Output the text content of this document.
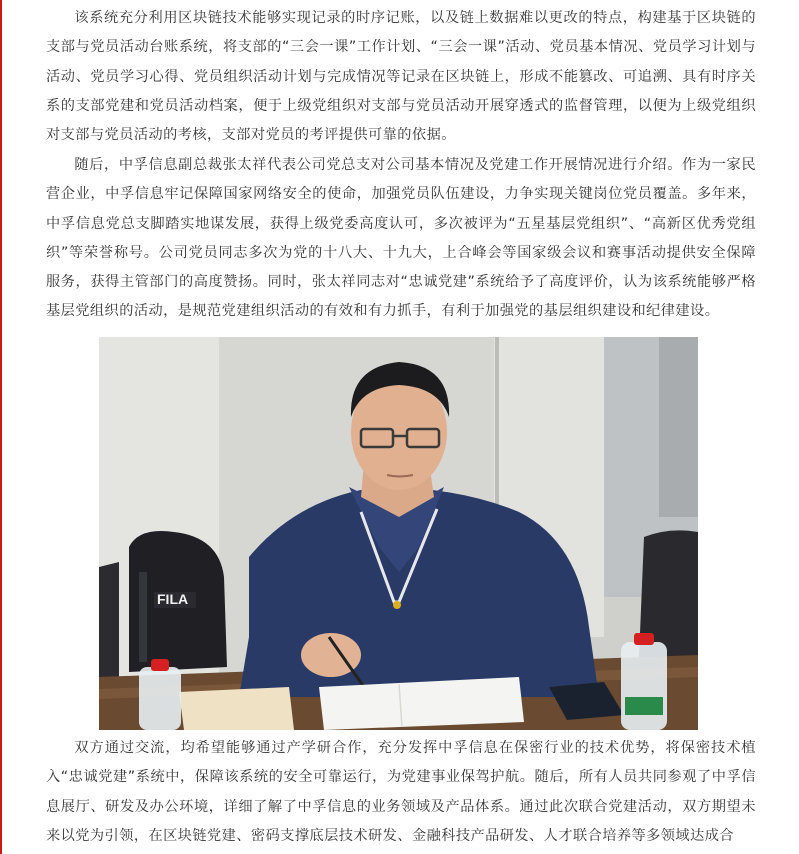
该系统充分利用区块链技术能够实现记录的时序记账，以及链上数据难以更改的特点，构建基于区块链的支部与党员活动台账系统，将支部的“三会一课”工作计划、“三会一课”活动、党员基本情况、党员学习计划与活动、党员学习心得、党员组织活动计划与完成情况等记录在区块链上，形成不能篡改、可追溯、具有时序关系的支部党建和党员活动档案，便于上级党组织对支部与党员活动开展穿透式的监督管理，以便为上级党组织对支部与党员活动的考核，支部对党员的考评提供可靠的依据。

随后，中孚信息副总裁张太祥代表公司党总支对公司基本情况及党建工作开展情况进行介绍。作为一家民营企业，中孚信息牢记保障国家网络安全的使命，加强党员队伍建设，力争实现关键岗位党员覆盖。多年来，中孚信息党总支脚踏实地谋发展，获得上级党委高度认可，多次被评为“五星基层党组织”、“高新区优秀党组织”等荣誉称号。公司党员同志多次为党的十八大、十九大，上合峰会等国家级会议和赛事活动提供安全保障服务，获得主管部门的高度赞扬。同时，张太祥同志对“忠诚党建”系统给予了高度评价，认为该系统能够严格基层党组织的活动，是规范党建组织活动的有效和有力抓手，有利于加强党的基层组织建设和纪律建设。

FILA

双方通过交流，均希望能够通过产学研合作，充分发挥中孚信息在保密行业的技术优势，将保密技术植入“忠诚党建”系统中，保障该系统的安全可靠运行，为党建事业保驾护航。随后，所有人员共同参观了中孚信息展厅、研发及办公环境，详细了解了中孚信息的业务领域及产品体系。通过此次联合党建活动，双方期望未来以党为引领，在区块链党建、密码支撑底层技术研发、金融科技产品研发、人才联合培养等多领域达成合
